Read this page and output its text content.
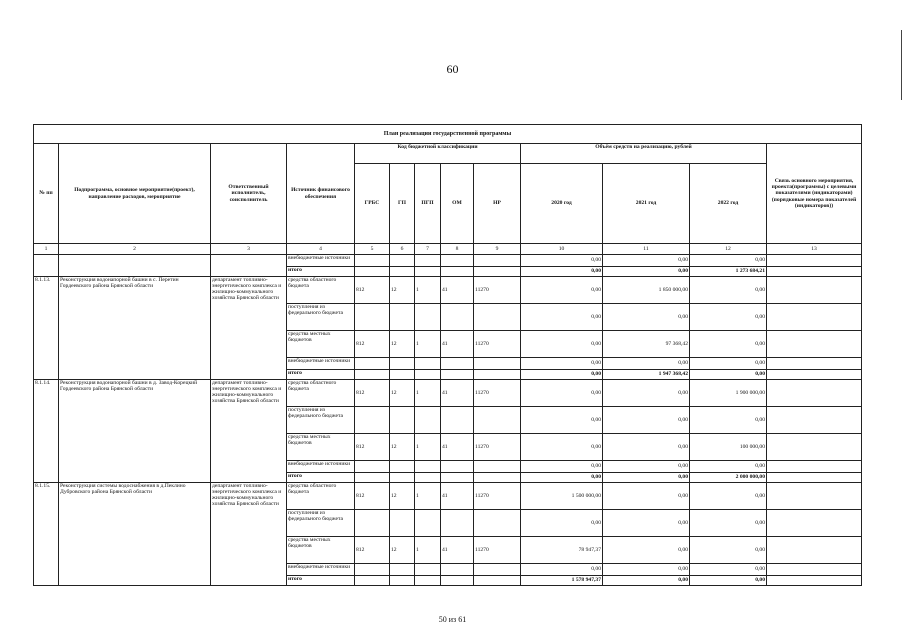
60
План реализации государственной программы												
№ пп	Подпрограмма, основное мероприятие(проект), направление расходов, мероприятие	Ответственный исполнитель, соисполнитель	Источник финансового обеспечения	Код бюджетной классификации					Объём средств на реализацию, рублей			Связь основного мероприятия, проекта(программы) с целевыми показателями (индикаторами) (порядковые номера показателей (индикаторов))
				ГРБС	ГП	ПГП	ОМ	НР	2020 год	2021 год	2022 год	
1	2	3	4	5	6	7	8	9	10	11	12	13
			внебюджетные источники						0,00	0,00	0,00	
			итого						0,00	0,00	1 273 684,21	
8.1.13.	Реконструкция водонапорной башни в с. Перетин Гордеевского района Брянской области	департамент топливно-энергетического комплекса и жилищно-коммунального хозяйства Брянской области	средства областного бюджета	812	12	1	41	11270	0,00	1 850 000,00	0,00	
			поступления из федерального бюджета						0,00	0,00	0,00	
			средства местных бюджетов	812	12	1	41	11270	0,00	97 368,42	0,00	
			внебюджетные источники						0,00	0,00	0,00	
			итого						0,00	1 947 368,42	0,00	
8.1.14.	Реконструкция водонапорной башни в д. Завод-Корецкий Гордеевского района Брянской области	департамент топливно-энергетического комплекса и жилищно-коммунального хозяйства Брянской области	средства областного бюджета	812	12	1	41	11270	0,00	0,00	1 900 000,00	
			поступления из федерального бюджета						0,00	0,00	0,00	
			средства местных бюджетов	812	12	1	41	11270	0,00	0,00	100 000,00	
			внебюджетные источники						0,00	0,00	0,00	
			итого						0,00	0,00	2 000 000,00	
8.1.15.	Реконструкция системы водоснабжения в д.Пеклино Дубровского района Брянской области	департамент топливно-энергетического комплекса и жилищно-коммунального хозяйства Брянской области	средства областного бюджета	812	12	1	41	11270	1 500 000,00	0,00	0,00	
			поступления из федерального бюджета						0,00	0,00	0,00	
			средства местных бюджетов	812	12	1	41	11270	78 947,37	0,00	0,00	
			внебюджетные источники						0,00	0,00	0,00	
			итого						1 578 947,37	0,00	0,00	
50 из 61
